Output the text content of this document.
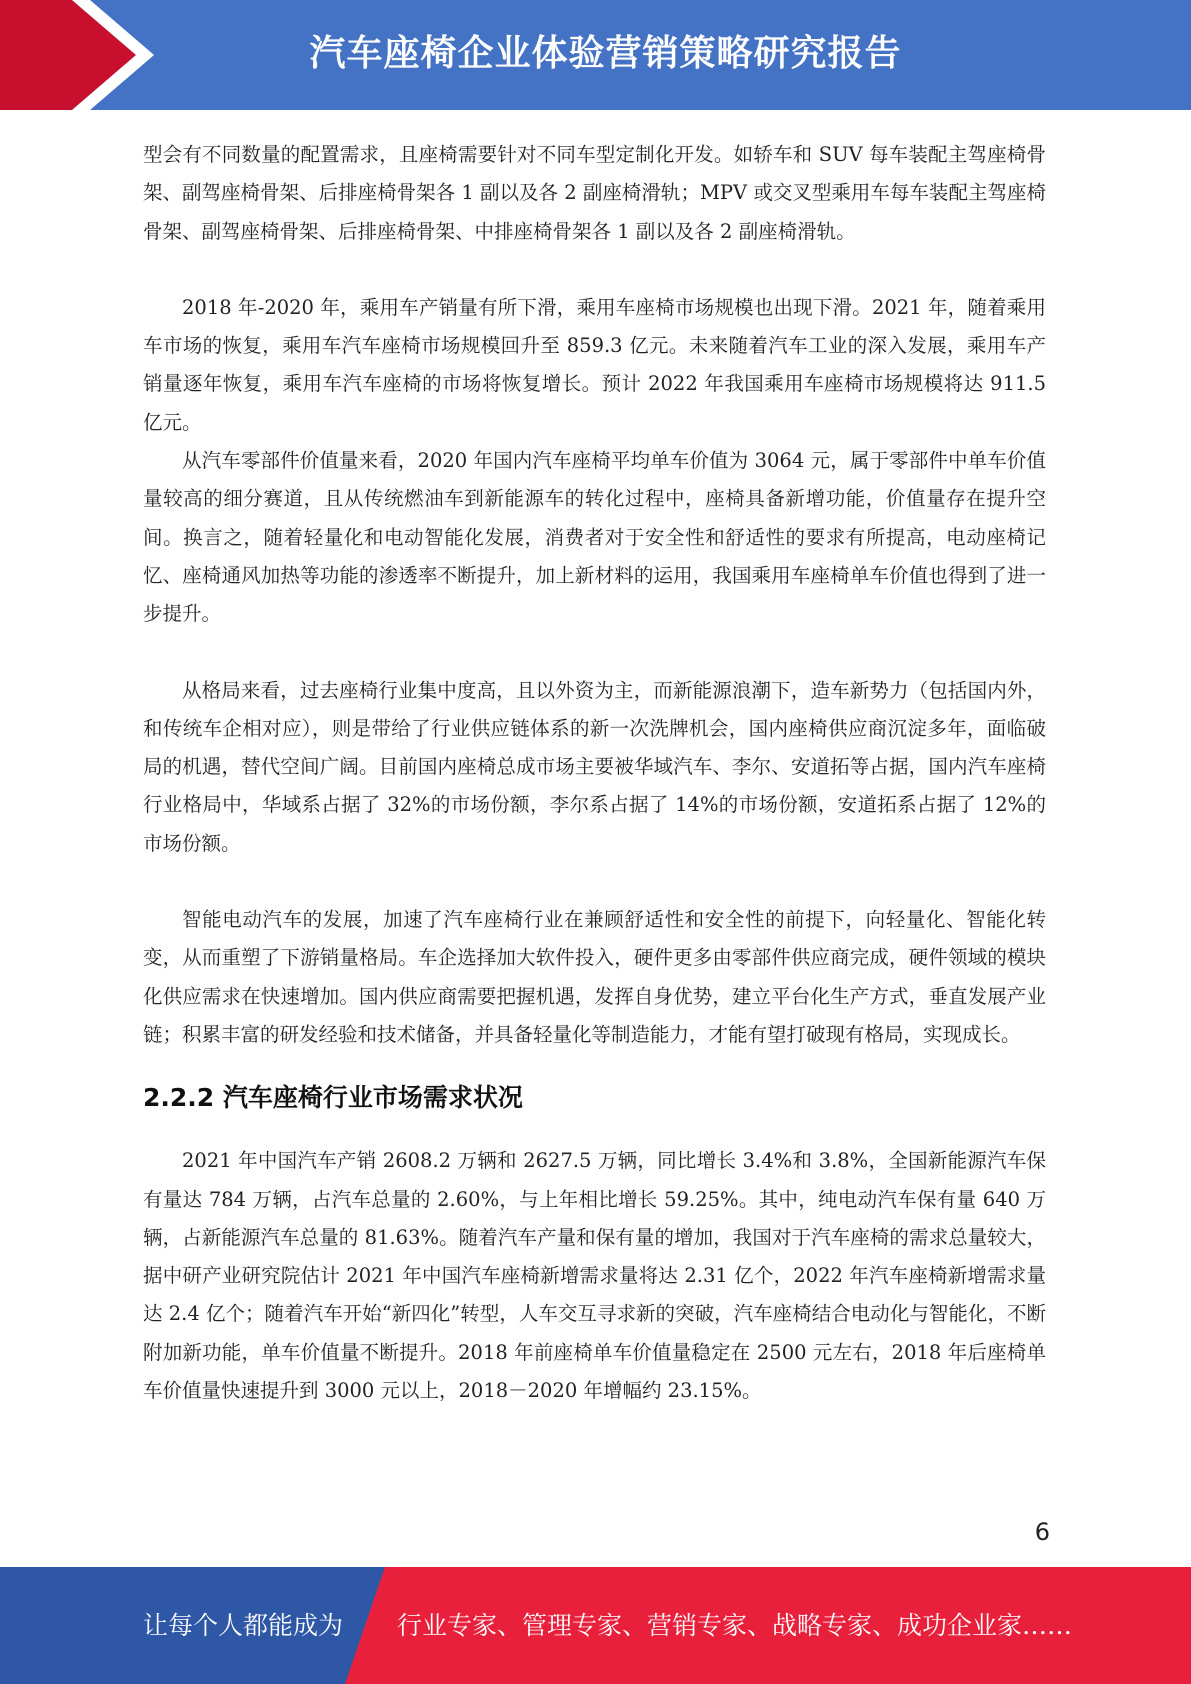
汽车座椅企业体验营销策略研究报告

型会有不同数量的配置需求，且座椅需要针对不同车型定制化开发。如轿车和 SUV 每车装配主驾座椅骨架、副驾座椅骨架、后排座椅骨架各 1 副以及各 2 副座椅滑轨；MPV 或交叉型乘用车每车装配主驾座椅骨架、副驾座椅骨架、后排座椅骨架、中排座椅骨架各 1 副以及各 2 副座椅滑轨。

2018 年-2020 年，乘用车产销量有所下滑，乘用车座椅市场规模也出现下滑。2021 年，随着乘用车市场的恢复，乘用车汽车座椅市场规模回升至 859.3 亿元。未来随着汽车工业的深入发展，乘用车产销量逐年恢复，乘用车汽车座椅的市场将恢复增长。预计 2022 年我国乘用车座椅市场规模将达 911.5 亿元。

从汽车零部件价值量来看，2020 年国内汽车座椅平均单车价值为 3064 元，属于零部件中单车价值量较高的细分赛道，且从传统燃油车到新能源车的转化过程中，座椅具备新增功能，价值量存在提升空间。换言之，随着轻量化和电动智能化发展，消费者对于安全性和舒适性的要求有所提高，电动座椅记忆、座椅通风加热等功能的渗透率不断提升，加上新材料的运用，我国乘用车座椅单车价值也得到了进一步提升。

从格局来看，过去座椅行业集中度高，且以外资为主，而新能源浪潮下，造车新势力（包括国内外，和传统车企相对应），则是带给了行业供应链体系的新一次洗牌机会，国内座椅供应商沉淀多年，面临破局的机遇，替代空间广阔。目前国内座椅总成市场主要被华域汽车、李尔、安道拓等占据，国内汽车座椅行业格局中，华域系占据了 32%的市场份额，李尔系占据了 14%的市场份额，安道拓系占据了 12%的市场份额。

智能电动汽车的发展，加速了汽车座椅行业在兼顾舒适性和安全性的前提下，向轻量化、智能化转变，从而重塑了下游销量格局。车企选择加大软件投入，硬件更多由零部件供应商完成，硬件领域的模块化供应需求在快速增加。国内供应商需要把握机遇，发挥自身优势，建立平台化生产方式，垂直发展产业链；积累丰富的研发经验和技术储备，并具备轻量化等制造能力，才能有望打破现有格局，实现成长。

2.2.2 汽车座椅行业市场需求状况

2021 年中国汽车产销 2608.2 万辆和 2627.5 万辆，同比增长 3.4%和 3.8%，全国新能源汽车保有量达 784 万辆，占汽车总量的 2.60%，与上年相比增长 59.25%。其中，纯电动汽车保有量 640 万辆，占新能源汽车总量的 81.63%。随着汽车产量和保有量的增加，我国对于汽车座椅的需求总量较大，据中研产业研究院估计 2021 年中国汽车座椅新增需求量将达 2.31 亿个，2022 年汽车座椅新增需求量达 2.4 亿个；随着汽车开始“新四化”转型，人车交互寻求新的突破，汽车座椅结合电动化与智能化，不断附加新功能，单车价值量不断提升。2018 年前座椅单车价值量稳定在 2500 元左右，2018 年后座椅单车价值量快速提升到 3000 元以上，2018－2020 年增幅约 23.15%。

6
让每个人都能成为 行业专家、管理专家、营销专家、战略专家、成功企业家……
